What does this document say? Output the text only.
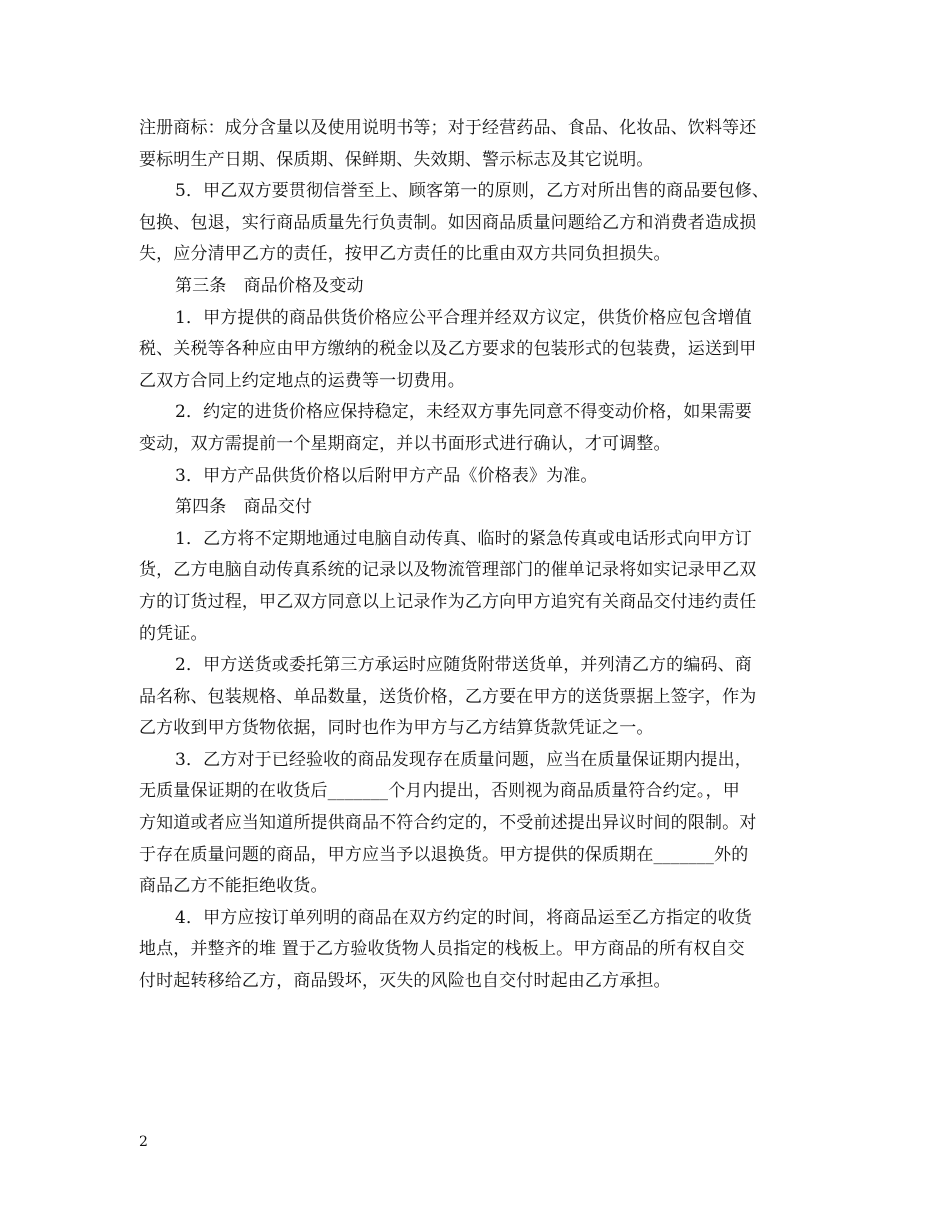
注册商标：成分含量以及使用说明书等；对于经营药品、食品、化妆品、饮料等还
要标明生产日期、保质期、保鲜期、失效期、警示标志及其它说明。
5．甲乙双方要贯彻信誉至上、顾客第一的原则，乙方对所出售的商品要包修、
包换、包退，实行商品质量先行负责制。如因商品质量问题给乙方和消费者造成损
失，应分清甲乙方的责任，按甲乙方责任的比重由双方共同负担损失。
第三条　商品价格及变动
1．甲方提供的商品供货价格应公平合理并经双方议定，供货价格应包含增值
税、关税等各种应由甲方缴纳的税金以及乙方要求的包装形式的包装费，运送到甲
乙双方合同上约定地点的运费等一切费用。
2．约定的进货价格应保持稳定，未经双方事先同意不得变动价格，如果需要
变动，双方需提前一个星期商定，并以书面形式进行确认，才可调整。
3．甲方产品供货价格以后附甲方产品《价格表》为准。
第四条　商品交付
1．乙方将不定期地通过电脑自动传真、临时的紧急传真或电话形式向甲方订
货，乙方电脑自动传真系统的记录以及物流管理部门的催单记录将如实记录甲乙双
方的订货过程，甲乙双方同意以上记录作为乙方向甲方追究有关商品交付违约责任
的凭证。
2．甲方送货或委托第三方承运时应随货附带送货单，并列清乙方的编码、商
品名称、包装规格、单品数量，送货价格，乙方要在甲方的送货票据上签字，作为
乙方收到甲方货物依据，同时也作为甲方与乙方结算货款凭证之一。
3．乙方对于已经验收的商品发现存在质量问题，应当在质量保证期内提出，
无质量保证期的在收货后_______个月内提出，否则视为商品质量符合约定。，甲
方知道或者应当知道所提供商品不符合约定的，不受前述提出异议时间的限制。对
于存在质量问题的商品，甲方应当予以退换货。甲方提供的保质期在_______外的
商品乙方不能拒绝收货。
4．甲方应按订单列明的商品在双方约定的时间，将商品运至乙方指定的收货
地点，并整齐的堆 置于乙方验收货物人员指定的栈板上。甲方商品的所有权自交
付时起转移给乙方，商品毁坏，灭失的风险也自交付时起由乙方承担。
2
